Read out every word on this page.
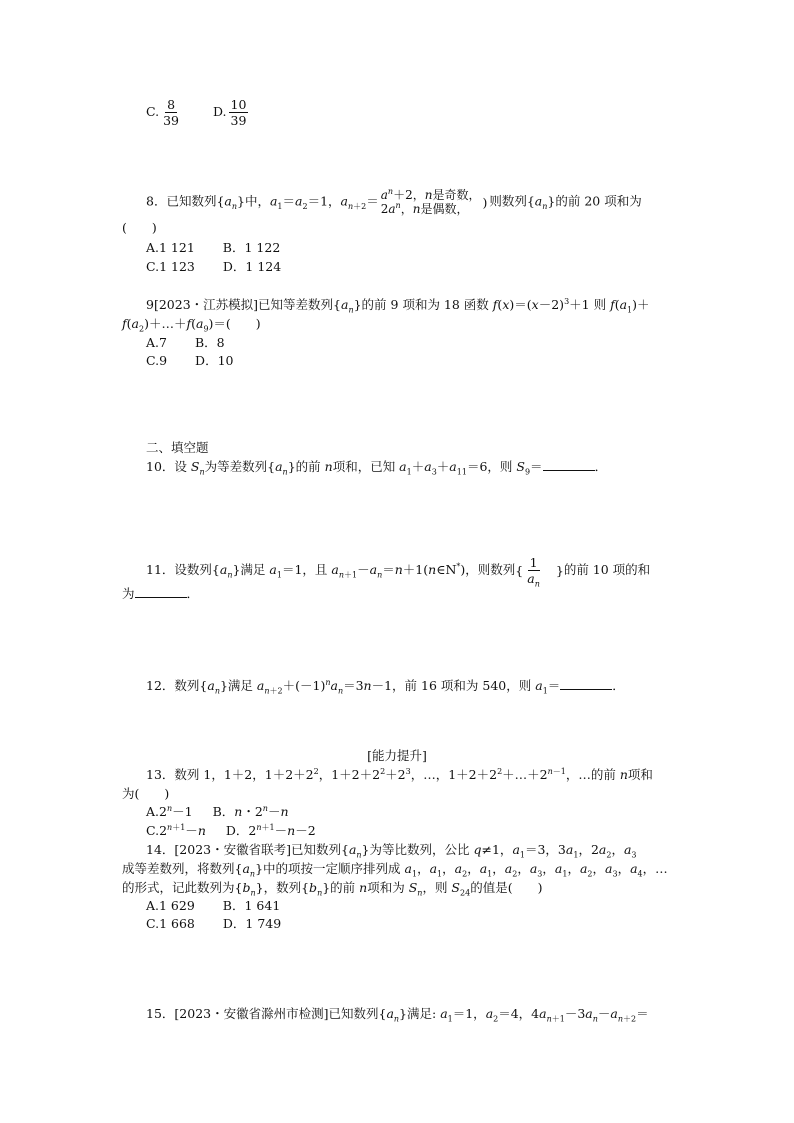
C. $\frac{8}{39}$	D. $\frac{10}{39}$
8．已知数列$\{a_n\}$中，$a_1=a_2=1$，$a_{n+2}= a^n+2$，n是奇数，
$2a^n$，n是偶数，	) 则数列$\{a_n\}$的前 20 项和为
(　　)
A.1 121 B．1 122
C.1 123 D．1 124
9[2023・江苏模拟]已知等差数列$\{a_n\}$的前 9 项和为 18 函数 $f(x)=(x-2)^3+1$ 则 $f(a_1)+$
$f(a_2)+\dots+f(a_9)=$(　　)
A.7 B．8
C.9 D．10
二、填空题
10．设 $S_n$为等差数列$\{a_n\}$的前 n项和，已知 $a_1+a_3+a_{11}=6$，则 $S_9=$	．
11．设数列$\{a_n\}$满足 $a_1=1$，且 $a_{n+1}-a_n=n+1(n\in N^*)$，则数列{ $\frac{1}{a_n}$ }的前 10 项的和
为	．
12．数列$\{a_n\}$满足 $a_{n+2}+(-1)^na_n=3n-1$，前 16 项和为 540，则 $a_1=$	．
[能力提升]
13．数列 1，1＋2，$1+2+2^2$，$1+2+2^2+2^3$，…，$1+2+2^2+\dots+2^{n-1}$，…的前 n项和
为(　　)
$A.2^n-1$ B．n・$2^n-n$
$C.2^{n+1}-n$ D．$2^{n+1}-n-2$
14．[2023・安徽省联考]已知数列$\{a_n\}$为等比数列，公比 q≠1，$a_1=3$，$3a_1$，$2a_2$，$a_3$
成等差数列，将数列$\{a_n\}$中的项按一定顺序排列成 $a_1$，$a_1$，$a_2$，$a_1$，$a_2$，$a_3$，$a_1$，$a_2$，$a_3$，$a_4$，…
的形式，记此数列为$\{b_n\}$，数列$\{b_n\}$的前 n项和为 $S_n$，则 $S_{24}$的值是(　　)
A.1 629 B．1 641
C.1 668 D．1 749
15．[2023・安徽省滁州市检测]已知数列$\{a_n\}$满足: $a_1=1$，$a_2=4$，$4a_{n+1}-3a_n-a_{n+2}=$
